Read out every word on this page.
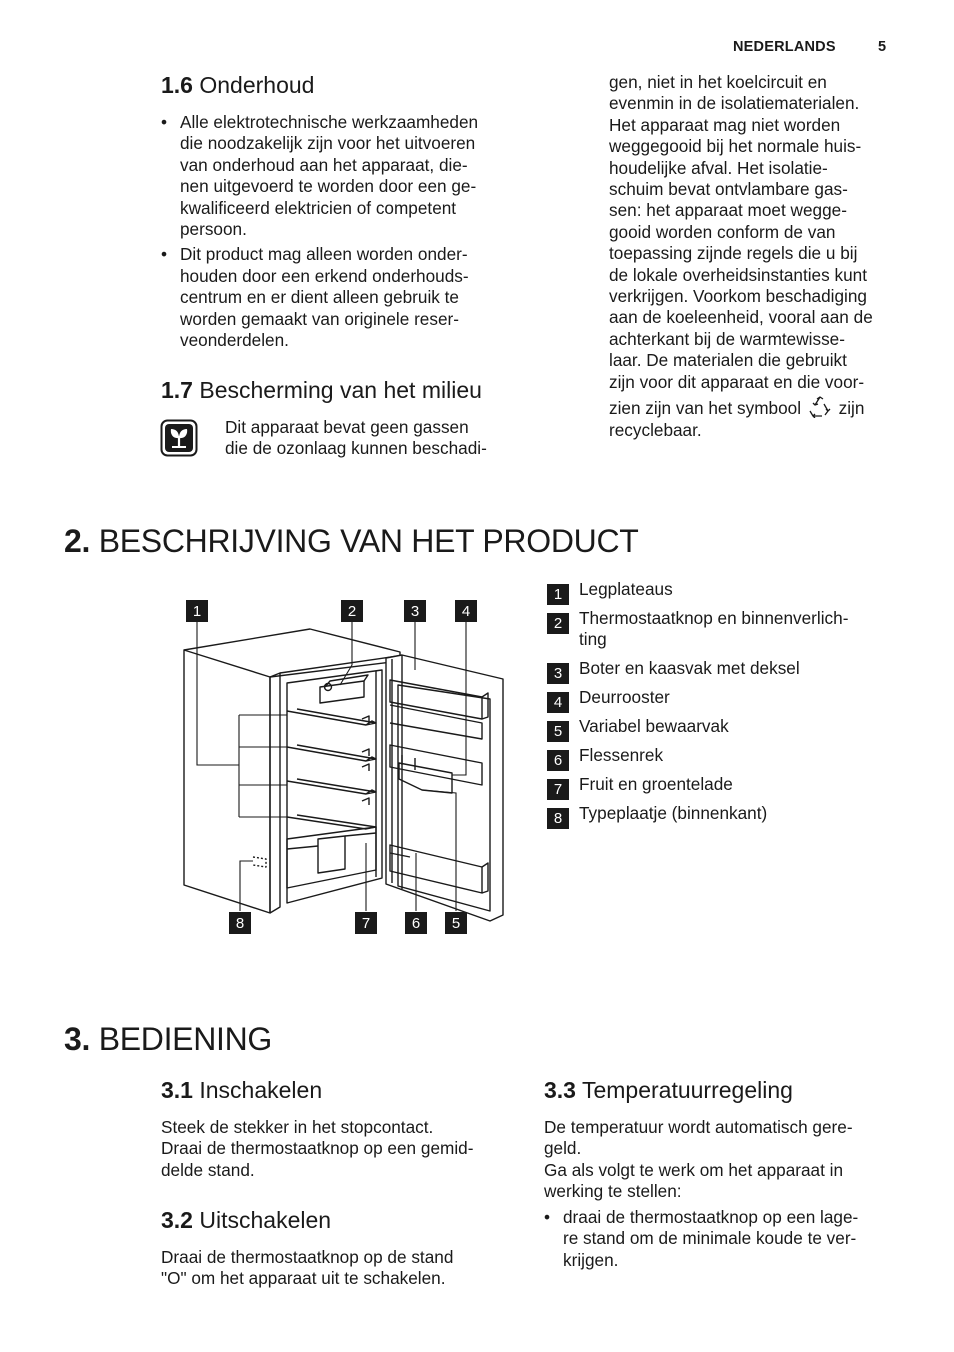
NEDERLANDS	5
1.6 Onderhoud
• Alle elektrotechnische werkzaamheden
die noodzakelijk zijn voor het uitvoeren
van onderhoud aan het apparaat, die-
nen uitgevoerd te worden door een ge-
kwalificeerd elektricien of competent
persoon.
• Dit product mag alleen worden onder-
houden door een erkend onderhouds-
centrum en er dient alleen gebruik te
worden gemaakt van originele reser-
veonderdelen.
1.7 Bescherming van het milieu
Dit apparaat bevat geen gassen
die de ozonlaag kunnen beschadi-
gen, niet in het koelcircuit en
evenmin in de isolatiematerialen.
Het apparaat mag niet worden
weggegooid bij het normale huis-
houdelijke afval. Het isolatie-
schuim bevat ontvlambare gas-
sen: het apparaat moet wegge-
gooid worden conform de van
toepassing zijnde regels die u bij
de lokale overheidsinstanties kunt
verkrijgen. Voorkom beschadiging
aan de koeleenheid, vooral aan de
achterkant bij de warmtewisse-
laar. De materialen die gebruikt
zijn voor dit apparaat en die voor-
zien zijn van het symbool zijn
recyclebaar.
2. BESCHRIJVING VAN HET PRODUCT
1	2	3	4
8	7	6	5
1 Legplateaus
2 Thermostaatknop en binnenverlich-
ting
3 Boter en kaasvak met deksel
4 Deurrooster
5 Variabel bewaarvak
6 Flessenrek
7 Fruit en groentelade
8 Typeplaatje (binnenkant)
3. BEDIENING
3.1 Inschakelen
Steek de stekker in het stopcontact.
Draai de thermostaatknop op een gemid-
delde stand.
3.2 Uitschakelen
Draai de thermostaatknop op de stand
"O" om het apparaat uit te schakelen.
3.3 Temperatuurregeling
De temperatuur wordt automatisch gere-
geld.
Ga als volgt te werk om het apparaat in
werking te stellen:
• draai de thermostaatknop op een lage-
re stand om de minimale koude te ver-
krijgen.
